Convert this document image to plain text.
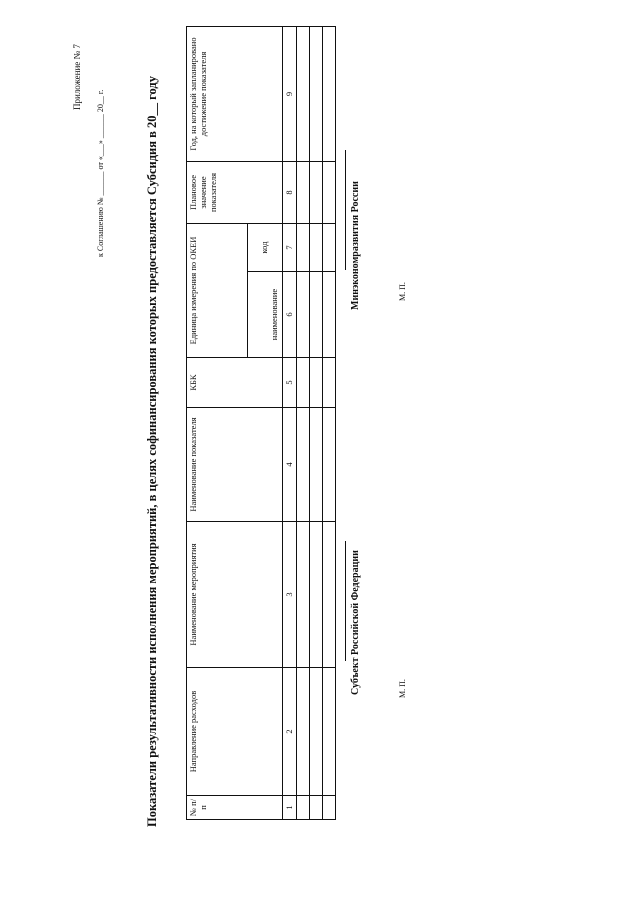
Приложение № 7
к Соглашению № ______ от «___» ______ 20__ г.	Показатели результативности исполнения мероприятий, в целях софинансирования которых предоставляется Субсидия в 20__ году	№ п/п	Направление расходов	Наименование мероприятия	Наименование показателя	КБК	Единица измерения по ОКЕИ		Плановое значение показателя	Год, на который запланировано достижение показателя
					наименование	код		
1	2	3	4	5	6	7	8	9

Субъект Российской Федерации	М. П.
Минэкономразвития России	М. П.
